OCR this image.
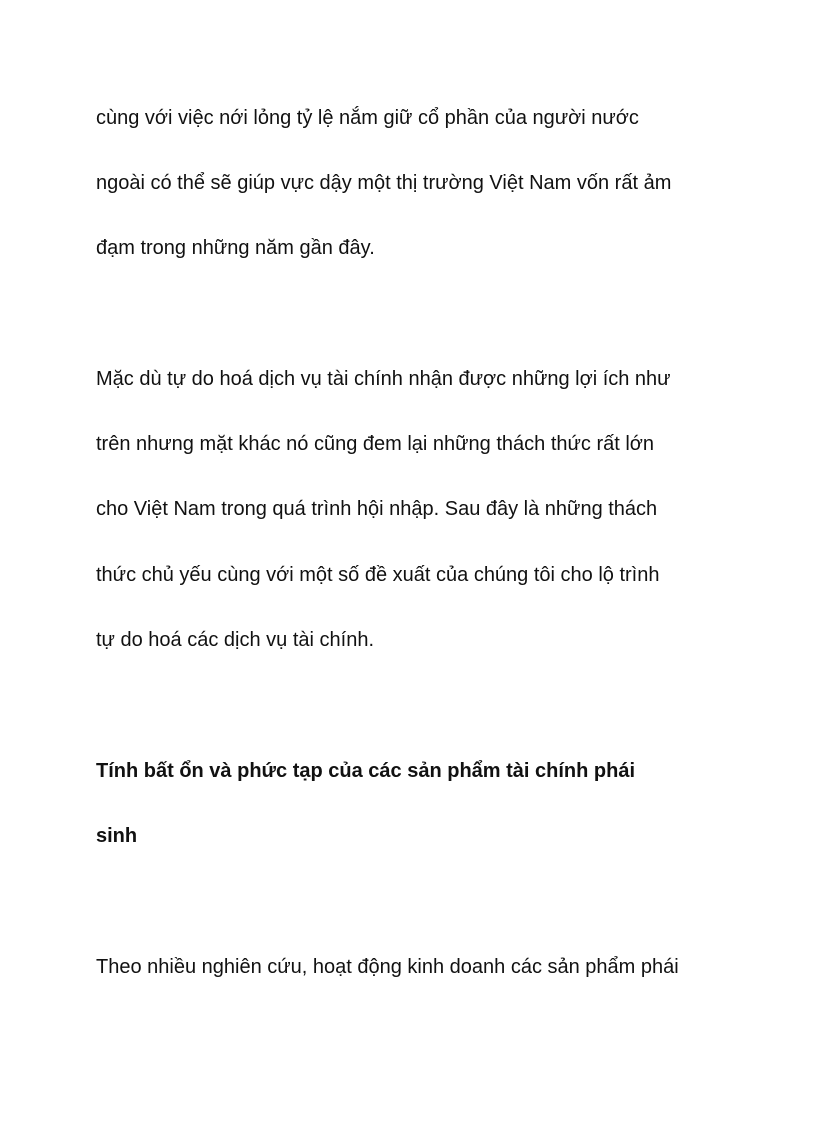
cùng với việc nới lỏng tỷ lệ nắm giữ cổ phần của người nước
ngoài có thể sẽ giúp vực dậy một thị trường Việt Nam vốn rất ảm
đạm trong những năm gần đây.
Mặc dù tự do hoá dịch vụ tài chính nhận được những lợi ích như
trên nhưng mặt khác nó cũng đem lại những thách thức rất lớn
cho Việt Nam trong quá trình hội nhập. Sau đây là những thách
thức chủ yếu cùng với một số đề xuất của chúng tôi cho lộ trình
tự do hoá các dịch vụ tài chính.
Tính bất ổn và phức tạp của các sản phẩm tài chính phái
sinh
Theo nhiều nghiên cứu, hoạt động kinh doanh các sản phẩm phái
